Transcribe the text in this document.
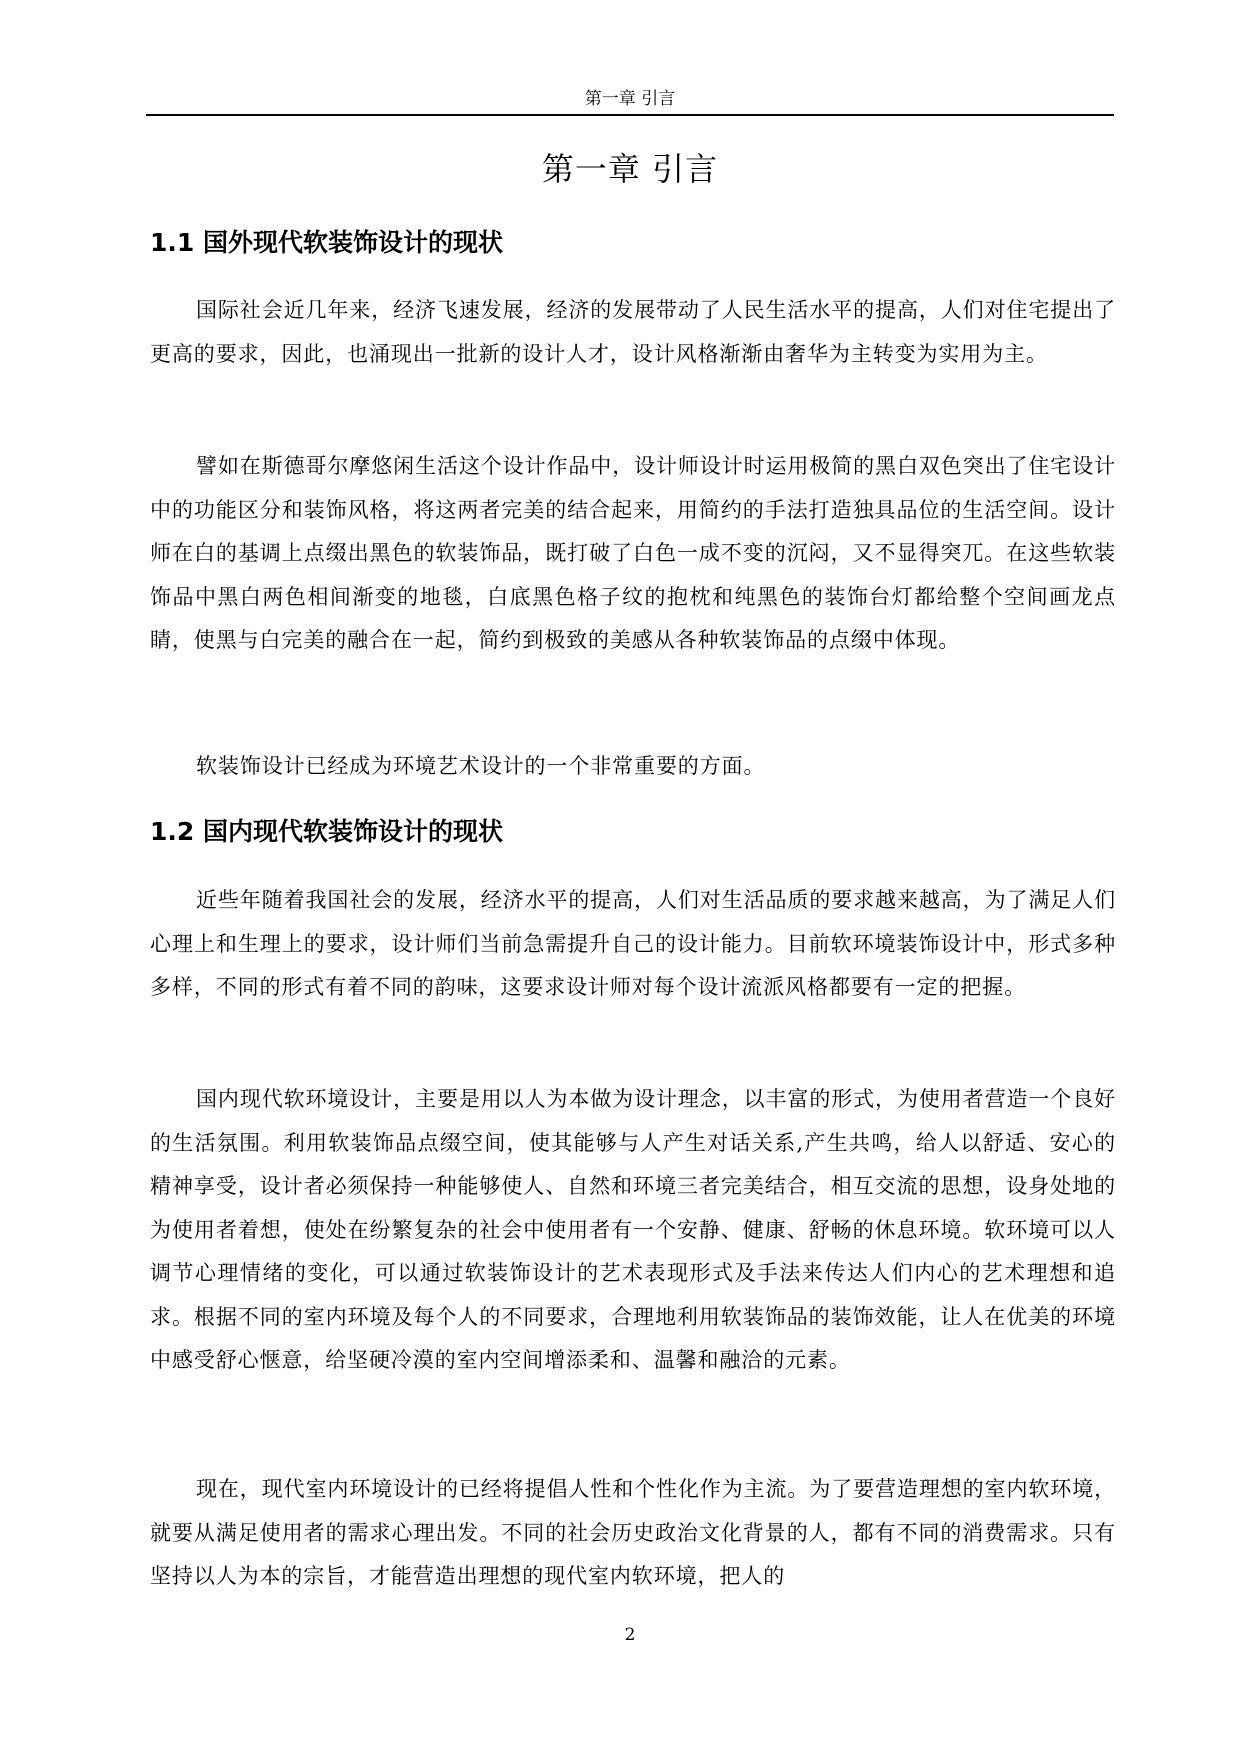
第一章 引言
第一章 引言
1.1 国外现代软装饰设计的现状

国际社会近几年来，经济飞速发展，经济的发展带动了人民生活水平的提高，人们对住宅提出了更高的要求，因此，也涌现出一批新的设计人才，设计风格渐渐由奢华为主转变为实用为主。

譬如在斯德哥尔摩悠闲生活这个设计作品中，设计师设计时运用极简的黑白双色突出了住宅设计中的功能区分和装饰风格，将这两者完美的结合起来，用简约的手法打造独具品位的生活空间。设计师在白的基调上点缀出黑色的软装饰品，既打破了白色一成不变的沉闷，又不显得突兀。在这些软装饰品中黑白两色相间渐变的地毯，白底黑色格子纹的抱枕和纯黑色的装饰台灯都给整个空间画龙点睛，使黑与白完美的融合在一起，简约到极致的美感从各种软装饰品的点缀中体现。

软装饰设计已经成为环境艺术设计的一个非常重要的方面。

1.2 国内现代软装饰设计的现状

近些年随着我国社会的发展，经济水平的提高，人们对生活品质的要求越来越高，为了满足人们心理上和生理上的要求，设计师们当前急需提升自己的设计能力。目前软环境装饰设计中，形式多种多样，不同的形式有着不同的韵味，这要求设计师对每个设计流派风格都要有一定的把握。

国内现代软环境设计，主要是用以人为本做为设计理念，以丰富的形式，为使用者营造一个良好的生活氛围。利用软装饰品点缀空间，使其能够与人产生对话关系,产生共鸣，给人以舒适、安心的精神享受，设计者必须保持一种能够使人、自然和环境三者完美结合，相互交流的思想，设身处地的为使用者着想，使处在纷繁复杂的社会中使用者有一个安静、健康、舒畅的休息环境。软环境可以人调节心理情绪的变化，可以通过软装饰设计的艺术表现形式及手法来传达人们内心的艺术理想和追求。根据不同的室内环境及每个人的不同要求，合理地利用软装饰品的装饰效能，让人在优美的环境中感受舒心惬意，给坚硬冷漠的室内空间增添柔和、温馨和融洽的元素。

现在，现代室内环境设计的已经将提倡人性和个性化作为主流。为了要营造理想的室内软环境，就要从满足使用者的需求心理出发。不同的社会历史政治文化背景的人，都有不同的消费需求。只有坚持以人为本的宗旨，才能营造出理想的现代室内软环境，把人的

2
